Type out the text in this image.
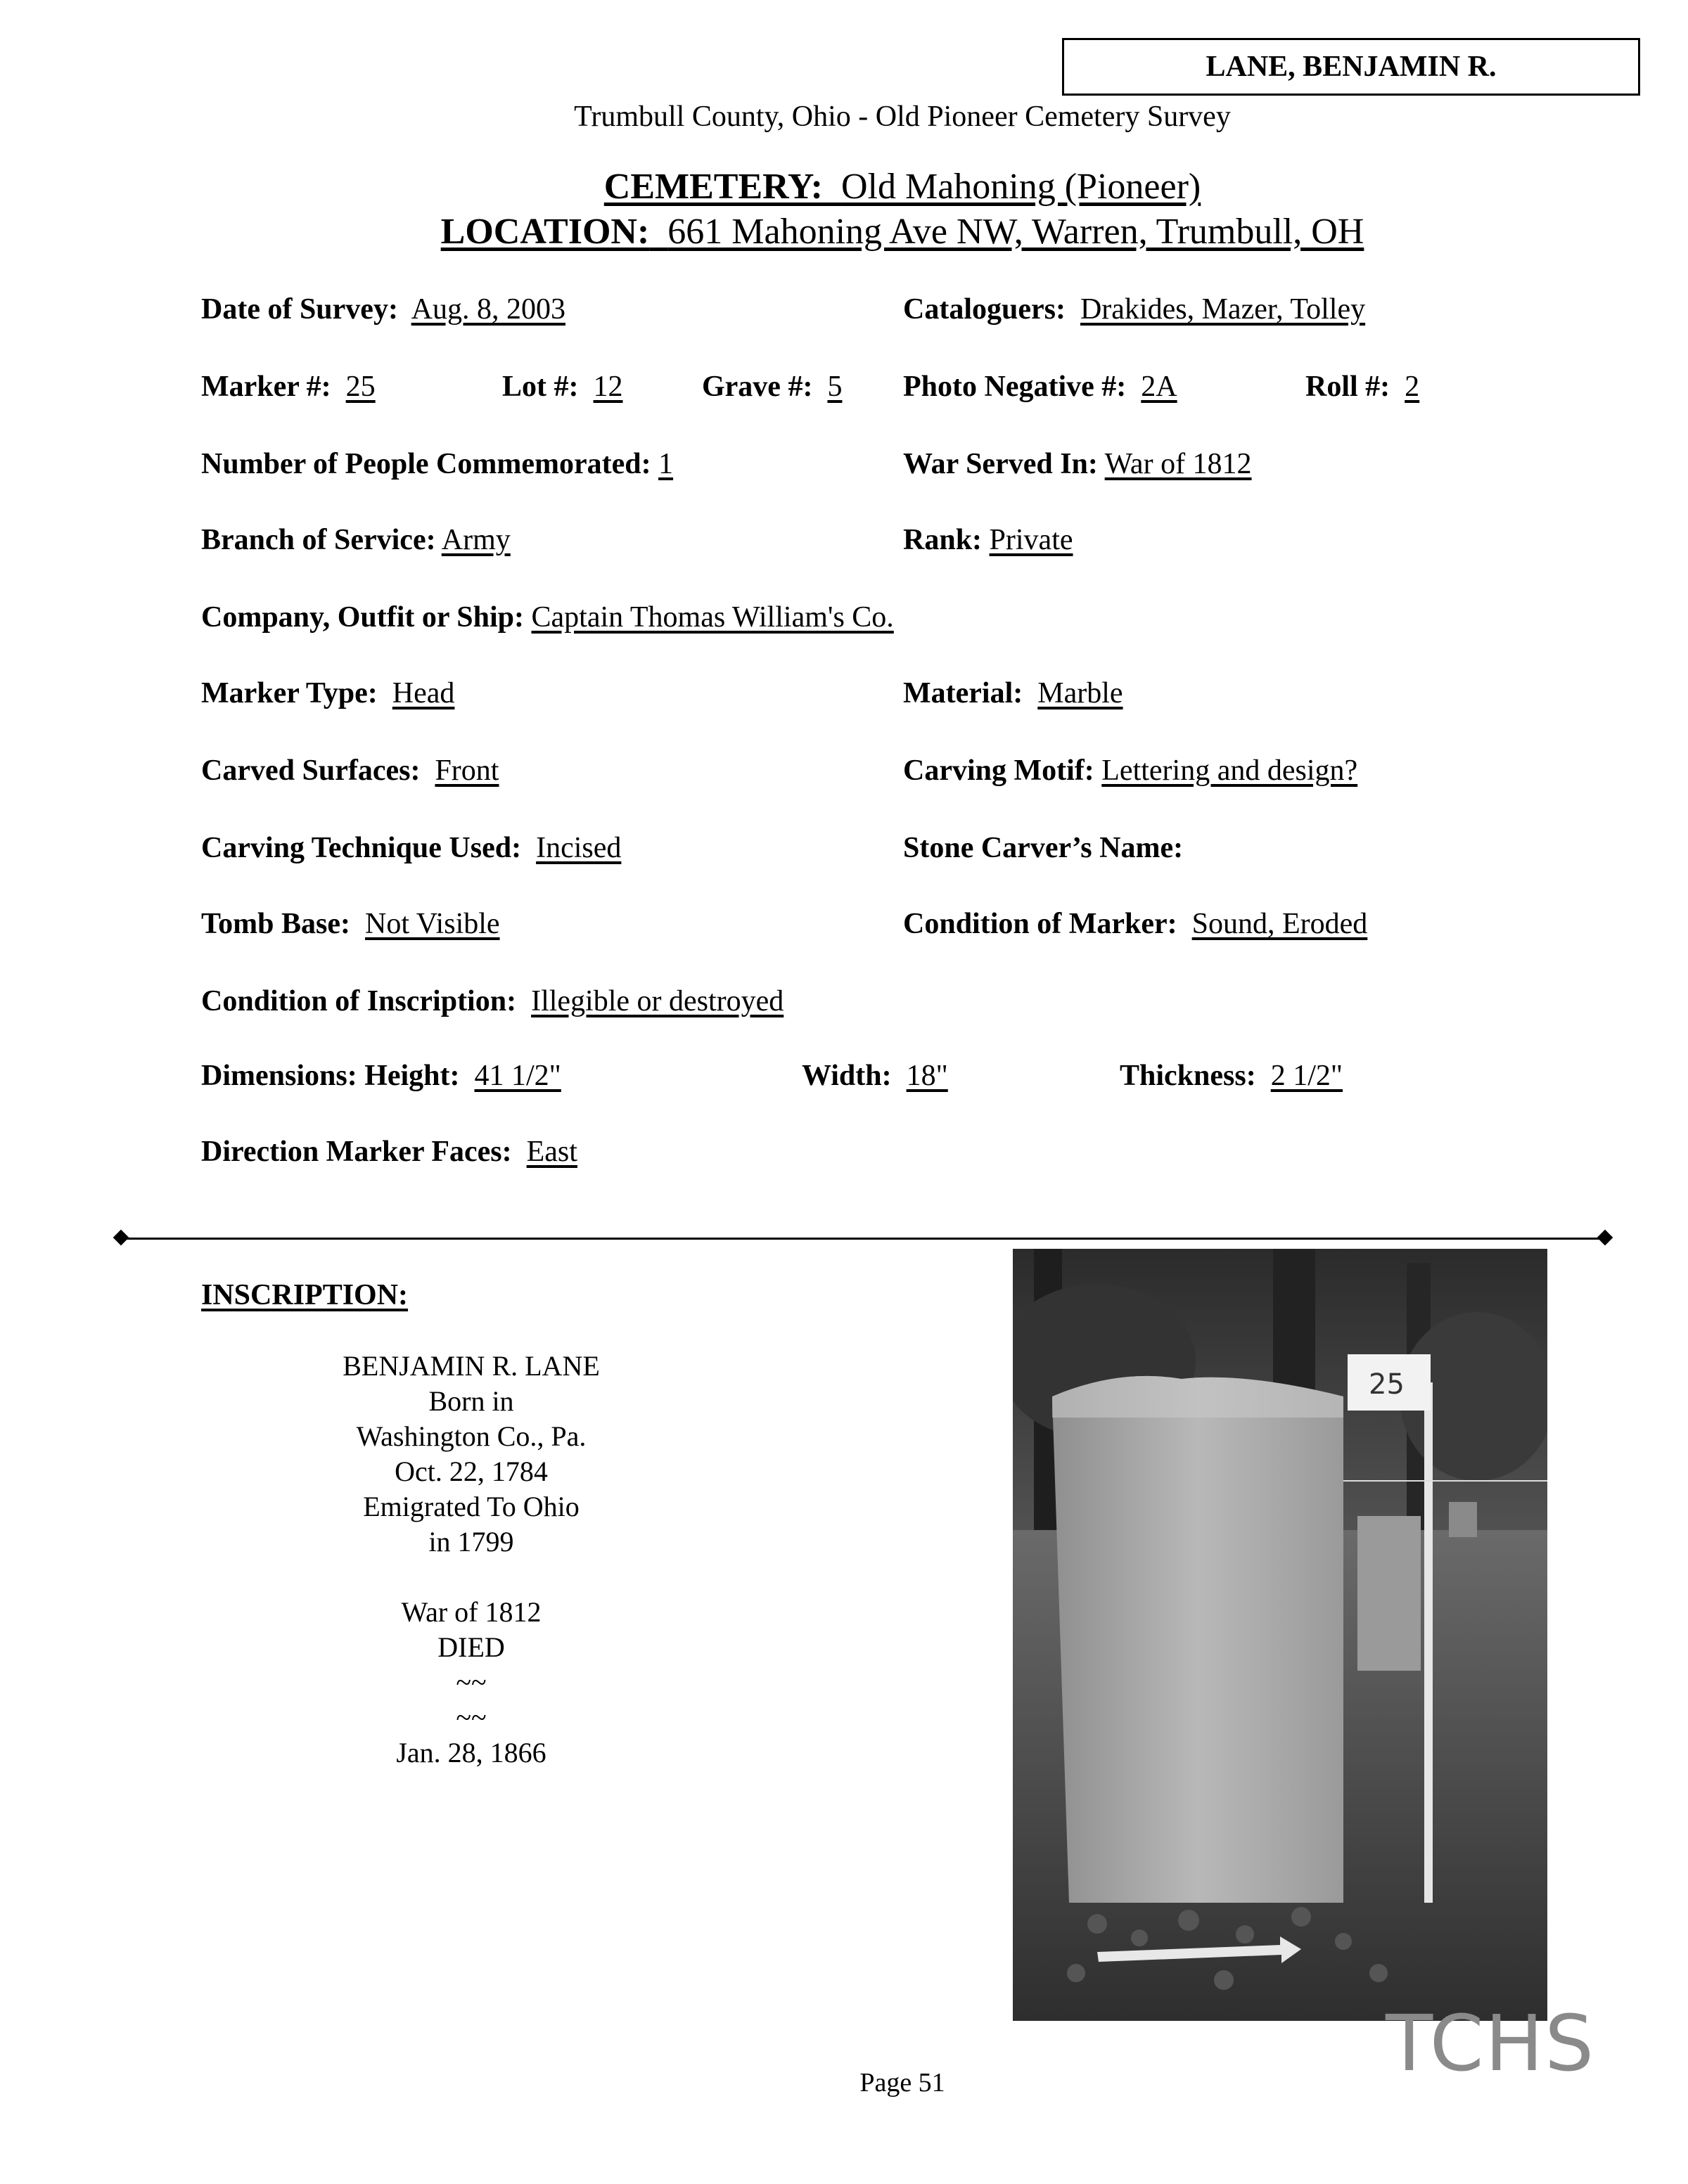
LANE, BENJAMIN R.
Trumbull County, Ohio - Old Pioneer Cemetery Survey
CEMETERY: Old Mahoning (Pioneer)
LOCATION: 661 Mahoning Ave NW, Warren, Trumbull, OH
Date of Survey: Aug. 8, 2003	Cataloguers: Drakides, Mazer, Tolley
Marker #: 25	Lot #: 12	Grave #: 5 Photo Negative #: 2A	Roll #: 2
Number of People Commemorated: 1	War Served In: War of 1812
Branch of Service: Army	Rank: Private
Company, Outfit or Ship: Captain Thomas William's Co.
Marker Type: Head	Material: Marble
Carved Surfaces: Front	Carving Motif: Lettering and design?
Carving Technique Used: Incised	Stone Carver’s Name:
Tomb Base: Not Visible	Condition of Marker: Sound, Eroded
Condition of Inscription: Illegible or destroyed
Dimensions: Height: 41 1/2"	Width: 18"	Thickness: 2 1/2"
Direction Marker Faces: East
INSCRIPTION:
BENJAMIN R. LANE
Born in
Washington Co., Pa.
Oct. 22, 1784
Emigrated To Ohio
in 1799
War of 1812
DIED
~~
~~
Jan. 28, 1866
25
TCHS
Page 51
